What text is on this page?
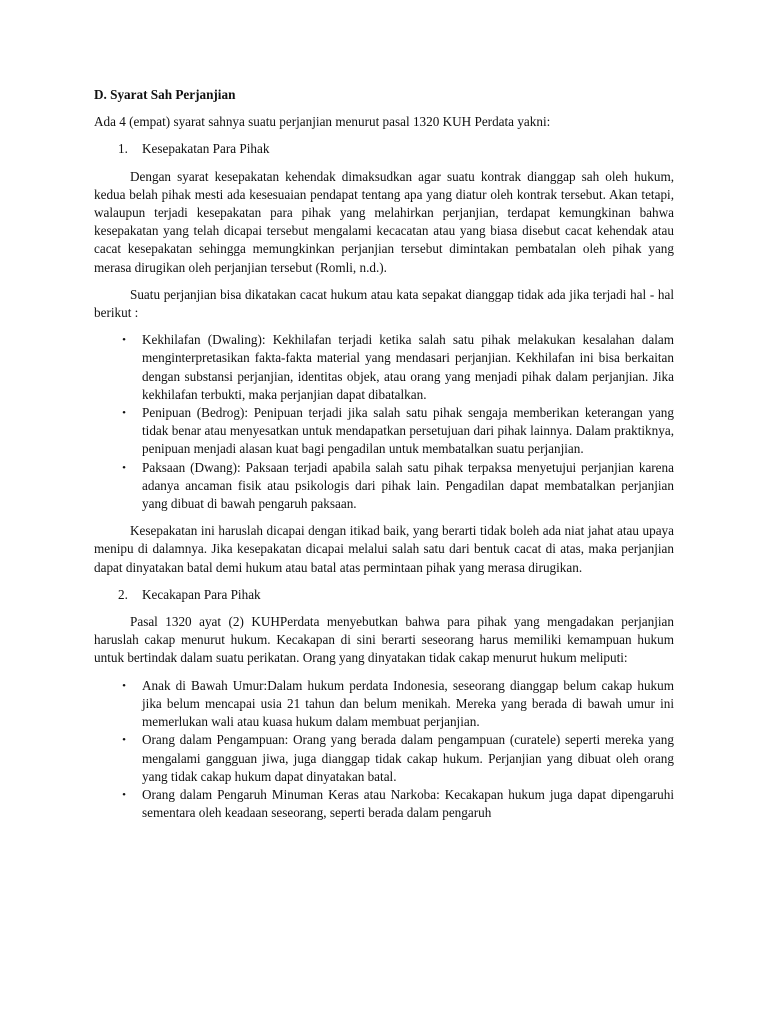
D. Syarat Sah Perjanjian

Ada 4 (empat) syarat sahnya suatu perjanjian menurut pasal 1320 KUH Perdata yakni:

1.	Kesepakatan Para Pihak

Dengan syarat kesepakatan kehendak dimaksudkan agar suatu kontrak dianggap sah oleh hukum, kedua belah pihak mesti ada kesesuaian pendapat tentang apa yang diatur oleh kontrak tersebut. Akan tetapi, walaupun terjadi kesepakatan para pihak yang melahirkan perjanjian, terdapat kemungkinan bahwa kesepakatan yang telah dicapai tersebut mengalami kecacatan atau yang biasa disebut cacat kehendak atau cacat kesepakatan sehingga memungkinkan perjanjian tersebut dimintakan pembatalan oleh pihak yang merasa dirugikan oleh perjanjian tersebut (Romli, n.d.).

Suatu perjanjian bisa dikatakan cacat hukum atau kata sepakat dianggap tidak ada jika terjadi hal - hal berikut :

•	Kekhilafan (Dwaling): Kekhilafan terjadi ketika salah satu pihak melakukan kesalahan dalam menginterpretasikan fakta-fakta material yang mendasari perjanjian. Kekhilafan ini bisa berkaitan dengan substansi perjanjian, identitas objek, atau orang yang menjadi pihak dalam perjanjian. Jika kekhilafan terbukti, maka perjanjian dapat dibatalkan.
•	Penipuan (Bedrog): Penipuan terjadi jika salah satu pihak sengaja memberikan keterangan yang tidak benar atau menyesatkan untuk mendapatkan persetujuan dari pihak lainnya. Dalam praktiknya, penipuan menjadi alasan kuat bagi pengadilan untuk membatalkan suatu perjanjian.
•	Paksaan (Dwang): Paksaan terjadi apabila salah satu pihak terpaksa menyetujui perjanjian karena adanya ancaman fisik atau psikologis dari pihak lain. Pengadilan dapat membatalkan perjanjian yang dibuat di bawah pengaruh paksaan.

Kesepakatan ini haruslah dicapai dengan itikad baik, yang berarti tidak boleh ada niat jahat atau upaya menipu di dalamnya. Jika kesepakatan dicapai melalui salah satu dari bentuk cacat di atas, maka perjanjian dapat dinyatakan batal demi hukum atau batal atas permintaan pihak yang merasa dirugikan.

2.	Kecakapan Para Pihak

Pasal 1320 ayat (2) KUHPerdata menyebutkan bahwa para pihak yang mengadakan perjanjian haruslah cakap menurut hukum. Kecakapan di sini berarti seseorang harus memiliki kemampuan hukum untuk bertindak dalam suatu perikatan. Orang yang dinyatakan tidak cakap menurut hukum meliputi:

•	Anak di Bawah Umur:Dalam hukum perdata Indonesia, seseorang dianggap belum cakap hukum jika belum mencapai usia 21 tahun dan belum menikah. Mereka yang berada di bawah umur ini memerlukan wali atau kuasa hukum dalam membuat perjanjian.
•	Orang dalam Pengampuan: Orang yang berada dalam pengampuan (curatele) seperti mereka yang mengalami gangguan jiwa, juga dianggap tidak cakap hukum. Perjanjian yang dibuat oleh orang yang tidak cakap hukum dapat dinyatakan batal.
•	Orang dalam Pengaruh Minuman Keras atau Narkoba: Kecakapan hukum juga dapat dipengaruhi sementara oleh keadaan seseorang, seperti berada dalam pengaruh
